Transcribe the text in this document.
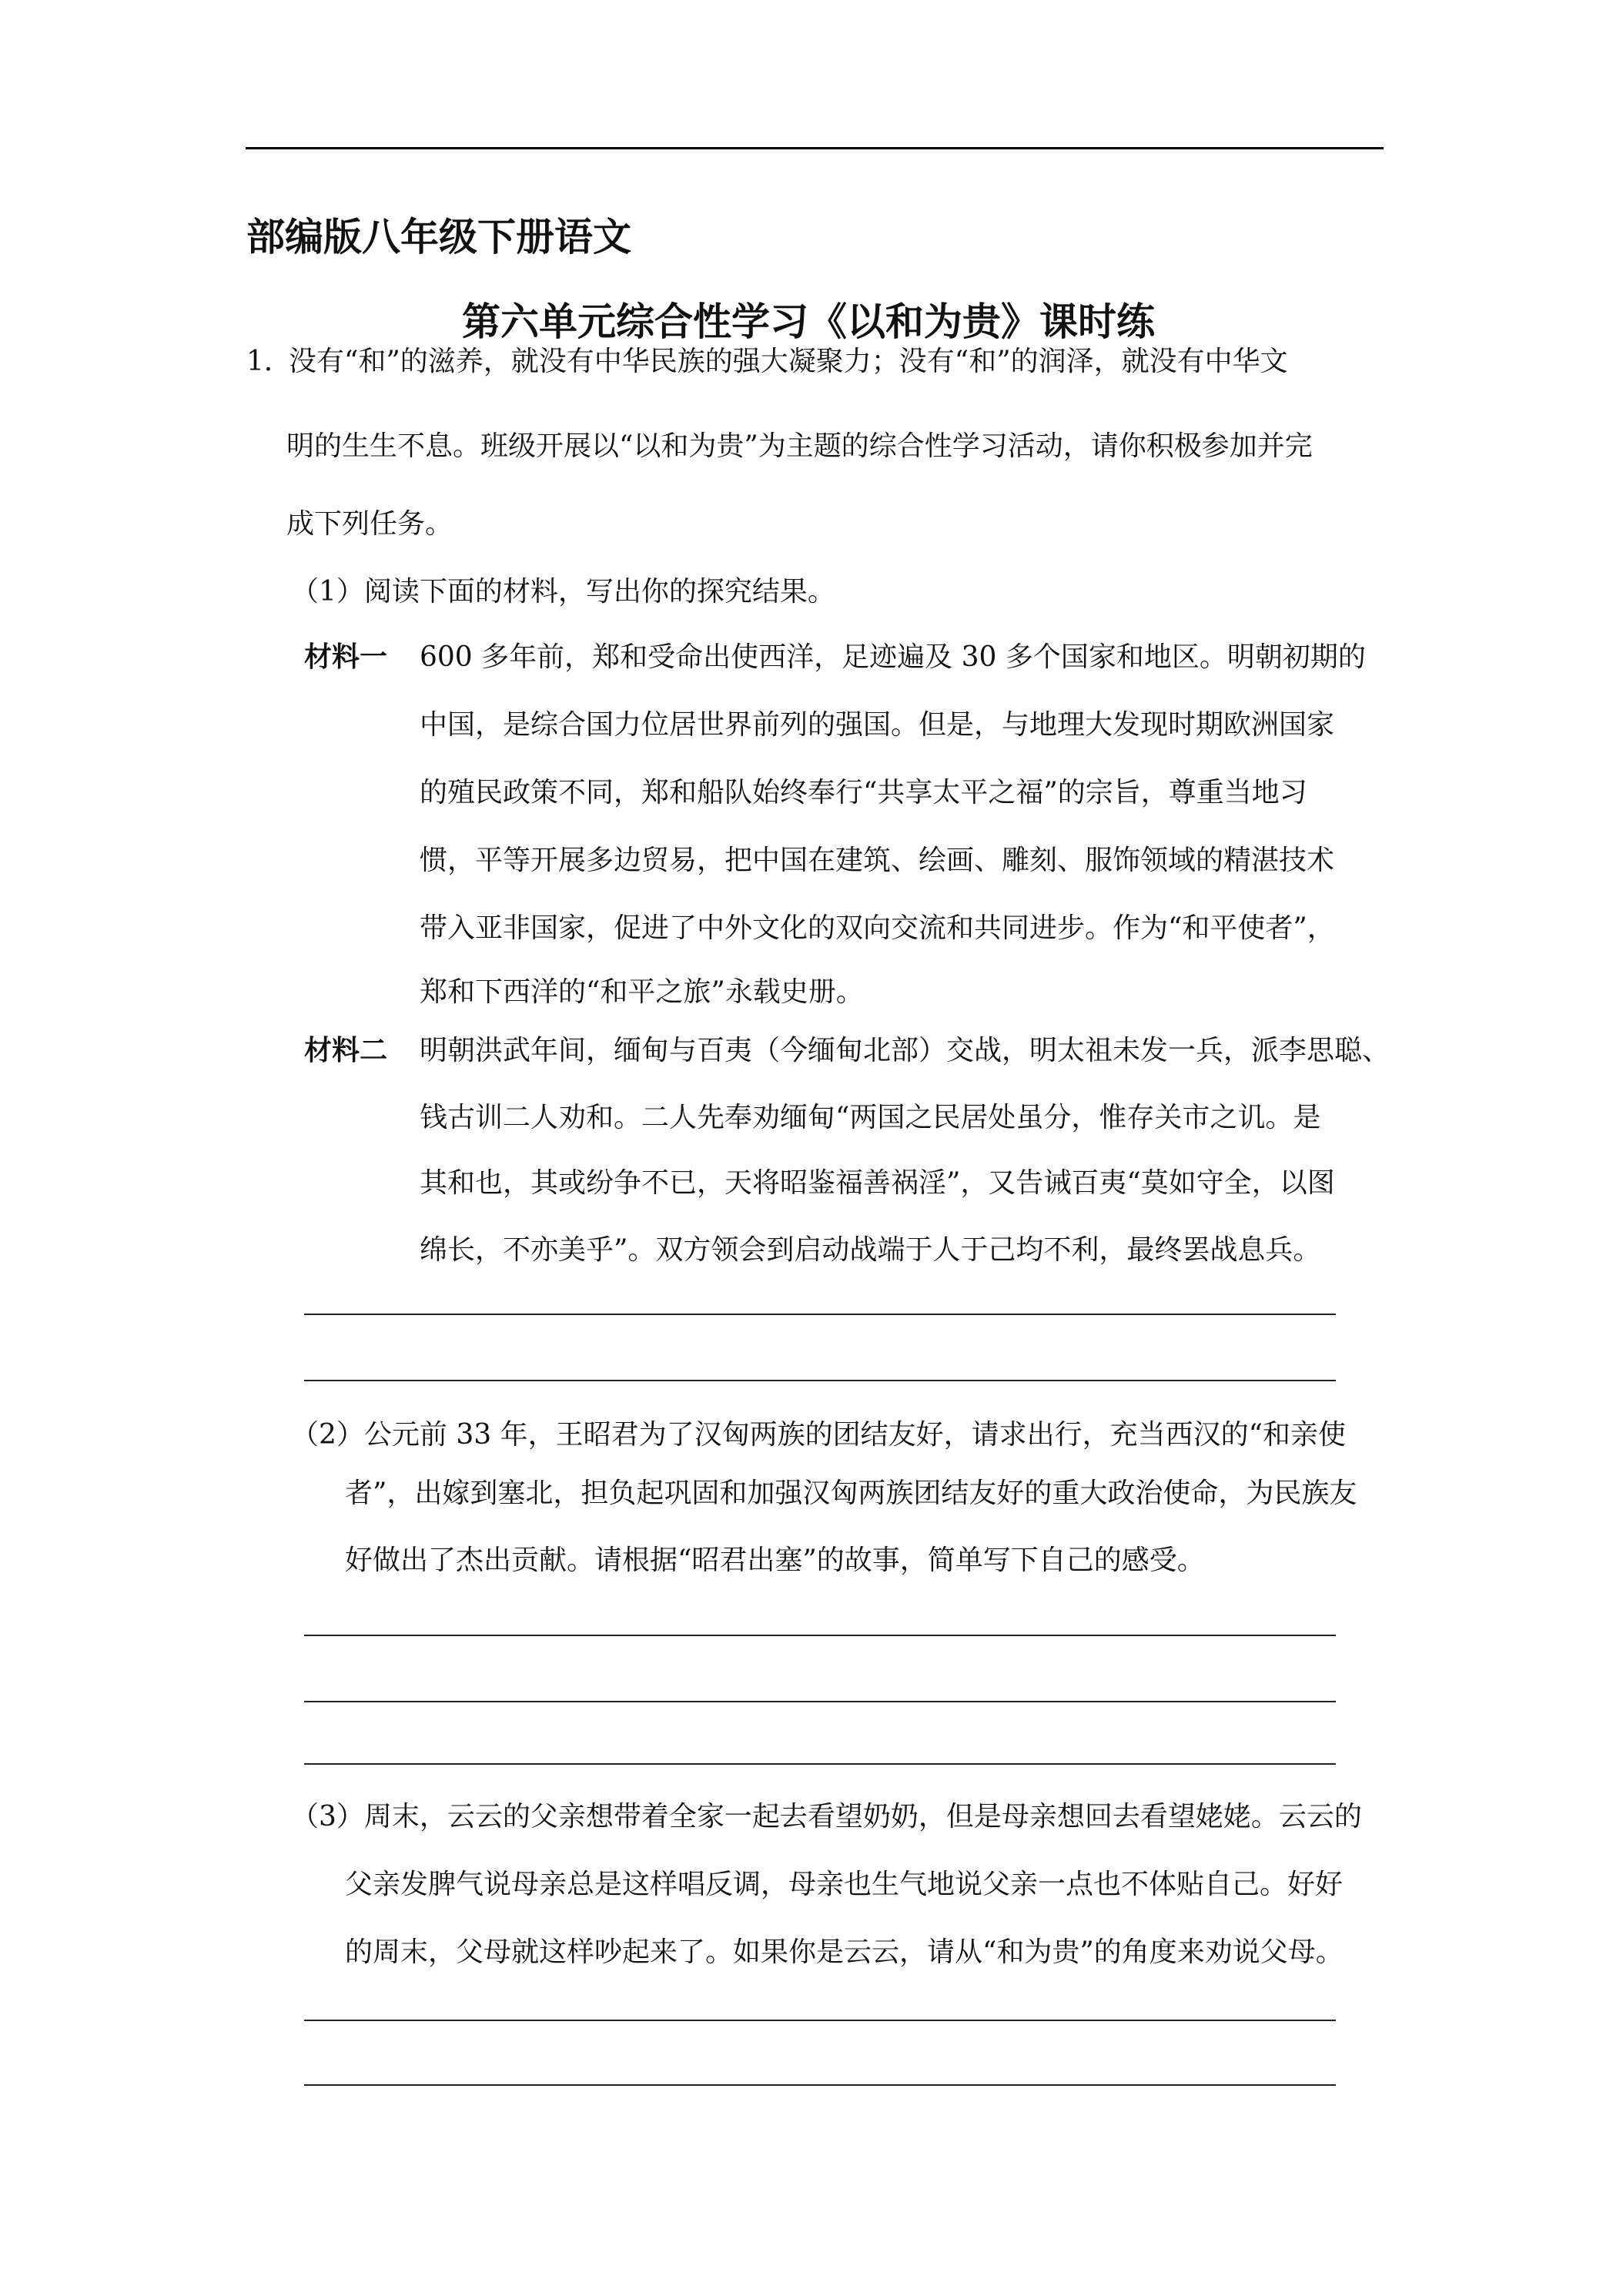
部编版八年级下册语文
第六单元综合性学习《以和为贵》课时练
1．
没有“和”的滋养，就没有中华民族的强大凝聚力；没有“和”的润泽，就没有中华文
明的生生不息。班级开展以“以和为贵”为主题的综合性学习活动，请你积极参加并完
成下列任务。
（1）阅读下面的材料，写出你的探究结果。
材料一 600 多年前，郑和受命出使西洋，足迹遍及 30 多个国家和地区。明朝初期的
中国，是综合国力位居世界前列的强国。但是，与地理大发现时期欧洲国家
的殖民政策不同，郑和船队始终奉行“共享太平之福”的宗旨，尊重当地习
惯，平等开展多边贸易，把中国在建筑、绘画、雕刻、服饰领域的精湛技术
带入亚非国家，促进了中外文化的双向交流和共同进步。作为“和平使者”，
郑和下西洋的“和平之旅”永载史册。
材料二 明朝洪武年间，缅甸与百夷（今缅甸北部）交战，明太祖未发一兵，派李思聪、
钱古训二人劝和。二人先奉劝缅甸“两国之民居处虽分，惟存关市之讥。是
其和也，其或纷争不已，天将昭鉴福善祸淫”，又告诫百夷“莫如守全，以图
绵长，不亦美乎”。双方领会到启动战端于人于己均不利，最终罢战息兵。
（2）公元前 33 年，王昭君为了汉匈两族的团结友好，请求出行，充当西汉的“和亲使
者”，出嫁到塞北，担负起巩固和加强汉匈两族团结友好的重大政治使命，为民族友
好做出了杰出贡献。请根据“昭君出塞”的故事，简单写下自己的感受。
（3）周末，云云的父亲想带着全家一起去看望奶奶，但是母亲想回去看望姥姥。云云的
父亲发脾气说母亲总是这样唱反调，母亲也生气地说父亲一点也不体贴自己。好好
的周末，父母就这样吵起来了。如果你是云云，请从“和为贵”的角度来劝说父母。
